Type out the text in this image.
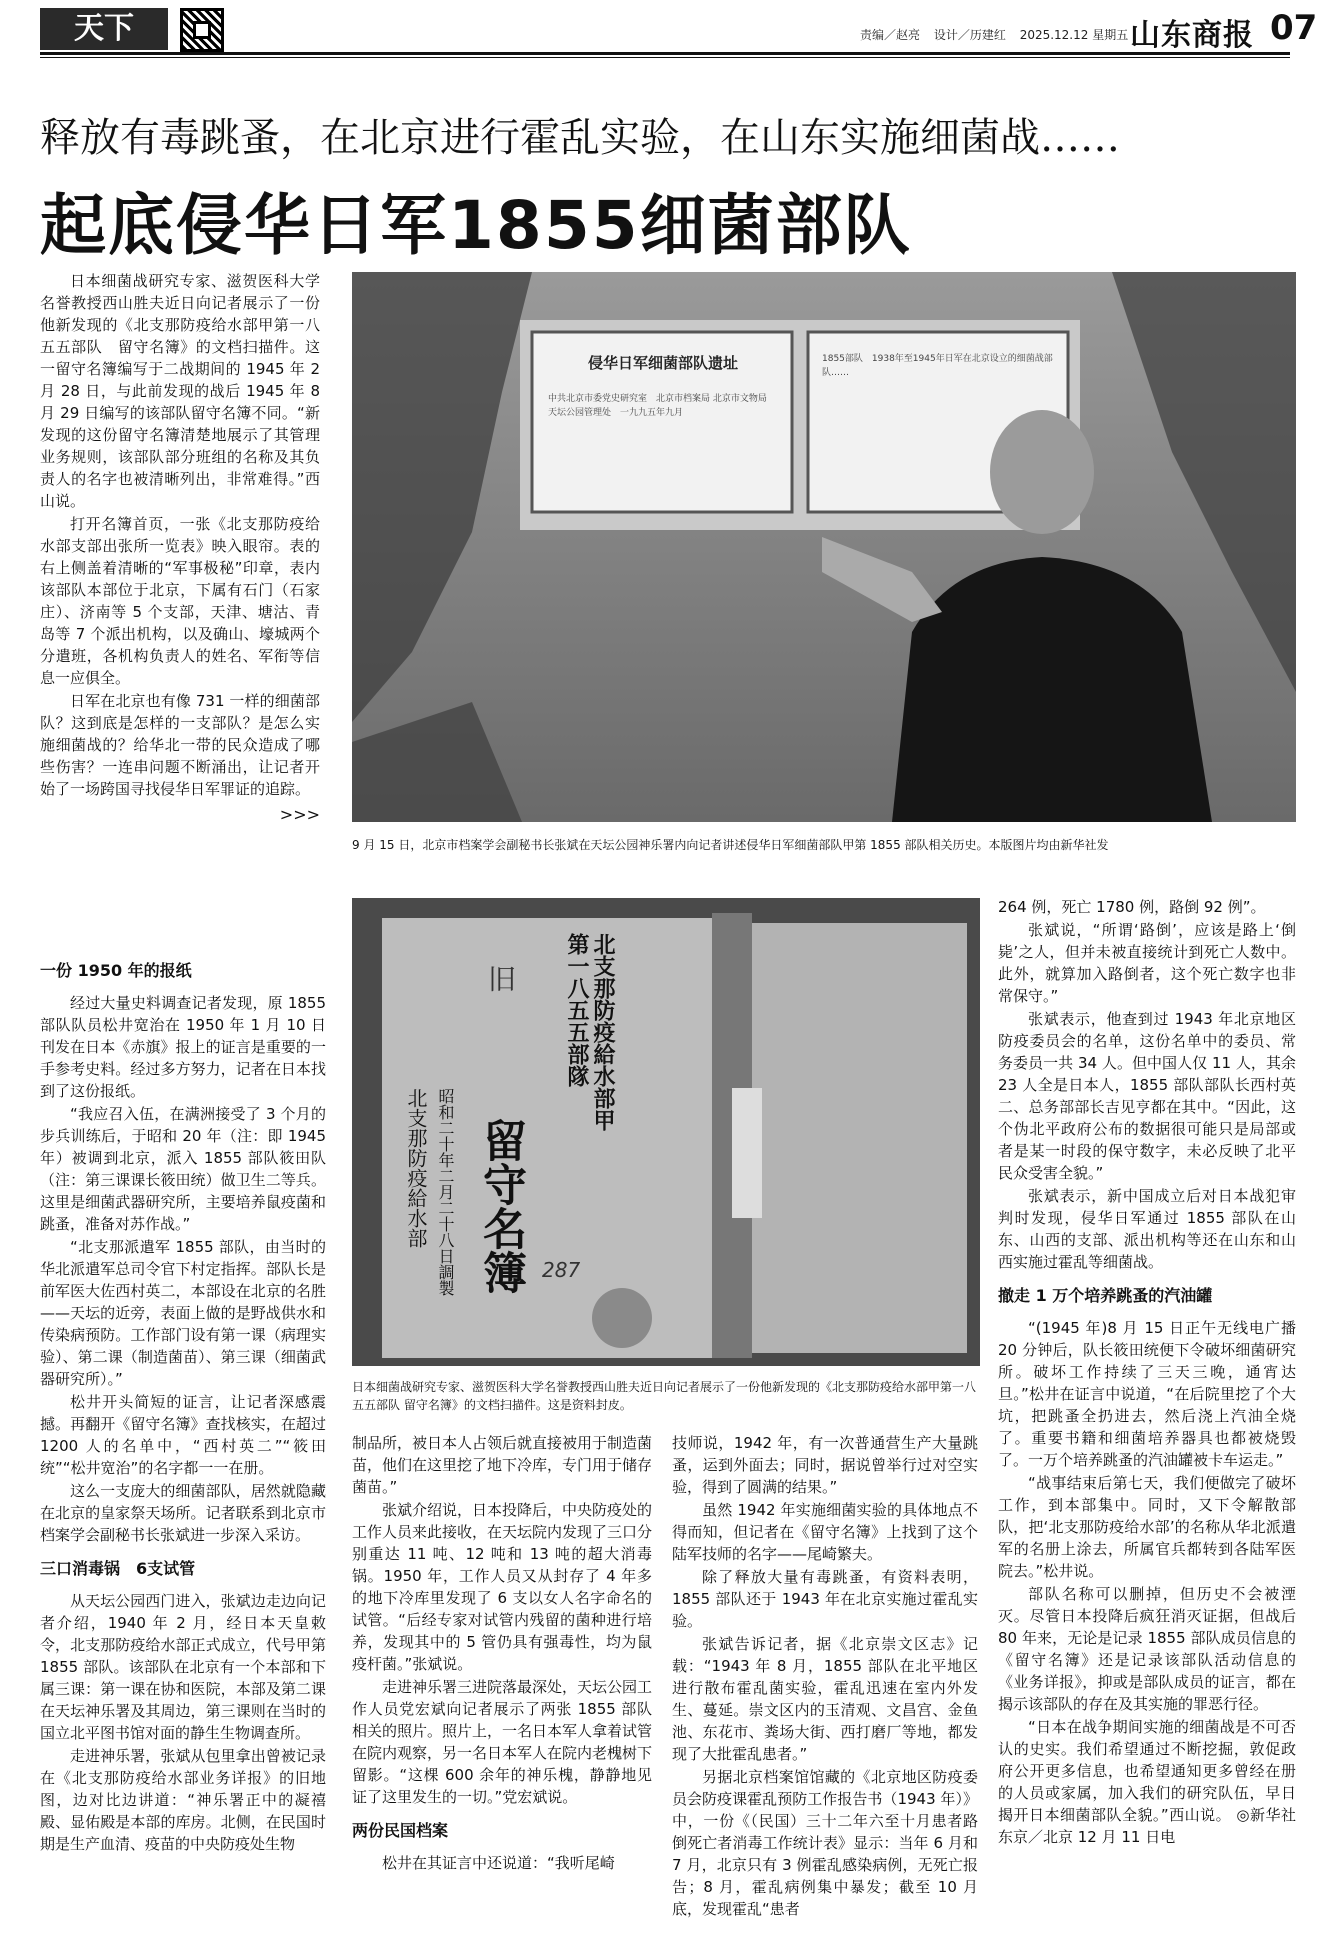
天下	责编／赵亮 设计／历建红 2025.12.12 星期五 山东商报 07
释放有毒跳蚤，在北京进行霍乱实验，在山东实施细菌战……
起底侵华日军1855细菌部队

日本细菌战研究专家、滋贺医科大学名誉教授西山胜夫近日向记者展示了一份他新发现的《北支那防疫给水部甲第一八五五部队　留守名簿》的文档扫描件。这一留守名簿编写于二战期间的 1945 年 2 月 28 日，与此前发现的战后 1945 年 8 月 29 日编写的该部队留守名簿不同。“新发现的这份留守名簿清楚地展示了其管理业务规则，该部队部分班组的名称及其负责人的名字也被清晰列出，非常难得。”西山说。

打开名簿首页，一张《北支那防疫给水部支部出张所一览表》映入眼帘。表的右上侧盖着清晰的“军事极秘”印章，表内该部队本部位于北京，下属有石门（石家庄）、济南等 5 个支部，天津、塘沽、青岛等 7 个派出机构，以及确山、壕城两个分遣班，各机构负责人的姓名、军衔等信息一应俱全。

日军在北京也有像 731 一样的细菌部队？这到底是怎样的一支部队？是怎么实施细菌战的？给华北一带的民众造成了哪些伤害？一连串问题不断涌出，让记者开始了一场跨国寻找侵华日军罪证的追踪。

>>>
侵华日军细菌部队遗址
中共北京市委党史研究室　北京市档案局 北京市文物局 天坛公园管理处　一九九五年九月
1855部队　1938年至1945年日军在北京设立的细菌战部队……
9 月 15 日，北京市档案学会副秘书长张斌在天坛公园神乐署内向记者讲述侵华日军细菌部队甲第 1855 部队相关历史。本版图片均由新华社发
北支那防疫給水部甲第一八五五部隊
留守名簿
昭和二十年二月二十八日調製
北支那防疫給水部
287
旧
日本细菌战研究专家、滋贺医科大学名誉教授西山胜夫近日向记者展示了一份他新发现的《北支那防疫给水部甲第一八五五部队 留守名簿》的文档扫描件。这是资料封皮。
一份 1950 年的报纸

经过大量史料调查记者发现，原 1855 部队队员松井宽治在 1950 年 1 月 10 日刊发在日本《赤旗》报上的证言是重要的一手参考史料。经过多方努力，记者在日本找到了这份报纸。

“我应召入伍，在满洲接受了 3 个月的步兵训练后，于昭和 20 年（注：即 1945 年）被调到北京，派入 1855 部队筱田队（注：第三课课长筱田统）做卫生二等兵。这里是细菌武器研究所，主要培养鼠疫菌和跳蚤，准备对苏作战。”

“北支那派遣军 1855 部队，由当时的华北派遣军总司令官下村定指挥。部队长是前军医大佐西村英二，本部设在北京的名胜——天坛的近旁，表面上做的是野战供水和传染病预防。工作部门设有第一课（病理实验）、第二课（制造菌苗）、第三课（细菌武器研究所）。”

松井开头简短的证言，让记者深感震撼。再翻开《留守名簿》查找核实，在超过 1200 人的名单中，“西村英二”“筱田统”“松井宽治”的名字都一一在册。

这么一支庞大的细菌部队，居然就隐藏在北京的皇家祭天场所。记者联系到北京市档案学会副秘书长张斌进一步深入采访。

三口消毒锅　6支试管

从天坛公园西门进入，张斌边走边向记者介绍，1940 年 2 月，经日本天皇敕令，北支那防疫给水部正式成立，代号甲第 1855 部队。该部队在北京有一个本部和下属三课：第一课在协和医院，本部及第二课在天坛神乐署及其周边，第三课则在当时的国立北平图书馆对面的静生生物调查所。

走进神乐署，张斌从包里拿出曾被记录在《北支那防疫给水部业务详报》的旧地图，边对比边讲道：“神乐署正中的凝禧殿、显佑殿是本部的库房。北侧，在民国时期是生产血清、疫苗的中央防疫处生物

制品所，被日本人占领后就直接被用于制造菌苗，他们在这里挖了地下冷库，专门用于储存菌苗。”

张斌介绍说，日本投降后，中央防疫处的工作人员来此接收，在天坛院内发现了三口分别重达 11 吨、12 吨和 13 吨的超大消毒锅。1950 年，工作人员又从封存了 4 年多的地下冷库里发现了 6 支以女人名字命名的试管。“后经专家对试管内残留的菌种进行培养，发现其中的 5 管仍具有强毒性，均为鼠疫杆菌。”张斌说。

走进神乐署三进院落最深处，天坛公园工作人员党宏斌向记者展示了两张 1855 部队相关的照片。照片上，一名日本军人拿着试管在院内观察，另一名日本军人在院内老槐树下留影。“这棵 600 余年的神乐槐，静静地见证了这里发生的一切。”党宏斌说。

两份民国档案

松井在其证言中还说道：“我听尾崎

技师说，1942 年，有一次普通营生产大量跳蚤，运到外面去；同时，据说曾举行过对空实验，得到了圆满的结果。”

虽然 1942 年实施细菌实验的具体地点不得而知，但记者在《留守名簿》上找到了这个陆军技师的名字——尾崎繁夫。

除了释放大量有毒跳蚤，有资料表明，1855 部队还于 1943 年在北京实施过霍乱实验。

张斌告诉记者，据《北京崇文区志》记载：“1943 年 8 月，1855 部队在北平地区进行散布霍乱菌实验，霍乱迅速在室内外发生、蔓延。崇文区内的玉清观、文昌宫、金鱼池、东花市、粪场大街、西打磨厂等地，都发现了大批霍乱患者。”

另据北京档案馆馆藏的《北京地区防疫委员会防疫课霍乱预防工作报告书（1943 年）》中，一份《（民国）三十二年六至十月患者路倒死亡者消毒工作统计表》显示：当年 6 月和 7 月，北京只有 3 例霍乱感染病例，无死亡报告；8 月，霍乱病例集中暴发；截至 10 月底，发现霍乱“患者

264 例，死亡 1780 例，路倒 92 例”。

张斌说，“所谓‘路倒’，应该是路上‘倒毙’之人，但并未被直接统计到死亡人数中。此外，就算加入路倒者，这个死亡数字也非常保守。”

张斌表示，他查到过 1943 年北京地区防疫委员会的名单，这份名单中的委员、常务委员一共 34 人。但中国人仅 11 人，其余 23 人全是日本人，1855 部队部队长西村英二、总务部部长吉见亨都在其中。“因此，这个伪北平政府公布的数据很可能只是局部或者是某一时段的保守数字，未必反映了北平民众受害全貌。”

张斌表示，新中国成立后对日本战犯审判时发现，侵华日军通过 1855 部队在山东、山西的支部、派出机构等还在山东和山西实施过霍乱等细菌战。

撤走 1 万个培养跳蚤的汽油罐

“(1945 年)8 月 15 日正午无线电广播 20 分钟后，队长筱田统便下令破坏细菌研究所。破坏工作持续了三天三晚，通宵达旦。”松井在证言中说道，“在后院里挖了个大坑，把跳蚤全扔进去，然后浇上汽油全烧了。重要书籍和细菌培养器具也都被烧毁了。一万个培养跳蚤的汽油罐被卡车运走。”

“战事结束后第七天，我们便做完了破坏工作，到本部集中。同时，又下令解散部队，把‘北支那防疫给水部’的名称从华北派遣军的名册上涂去，所属官兵都转到各陆军医院去。”松井说。

部队名称可以删掉，但历史不会被湮灭。尽管日本投降后疯狂消灭证据，但战后 80 年来，无论是记录 1855 部队成员信息的《留守名簿》还是记录该部队活动信息的《业务详报》，抑或是部队成员的证言，都在揭示该部队的存在及其实施的罪恶行径。

“日本在战争期间实施的细菌战是不可否认的史实。我们希望通过不断挖掘，敦促政府公开更多信息，也希望通知更多曾经在册的人员或家属，加入我们的研究队伍，早日揭开日本细菌部队全貌。”西山说。 ◎新华社东京／北京 12 月 11 日电
